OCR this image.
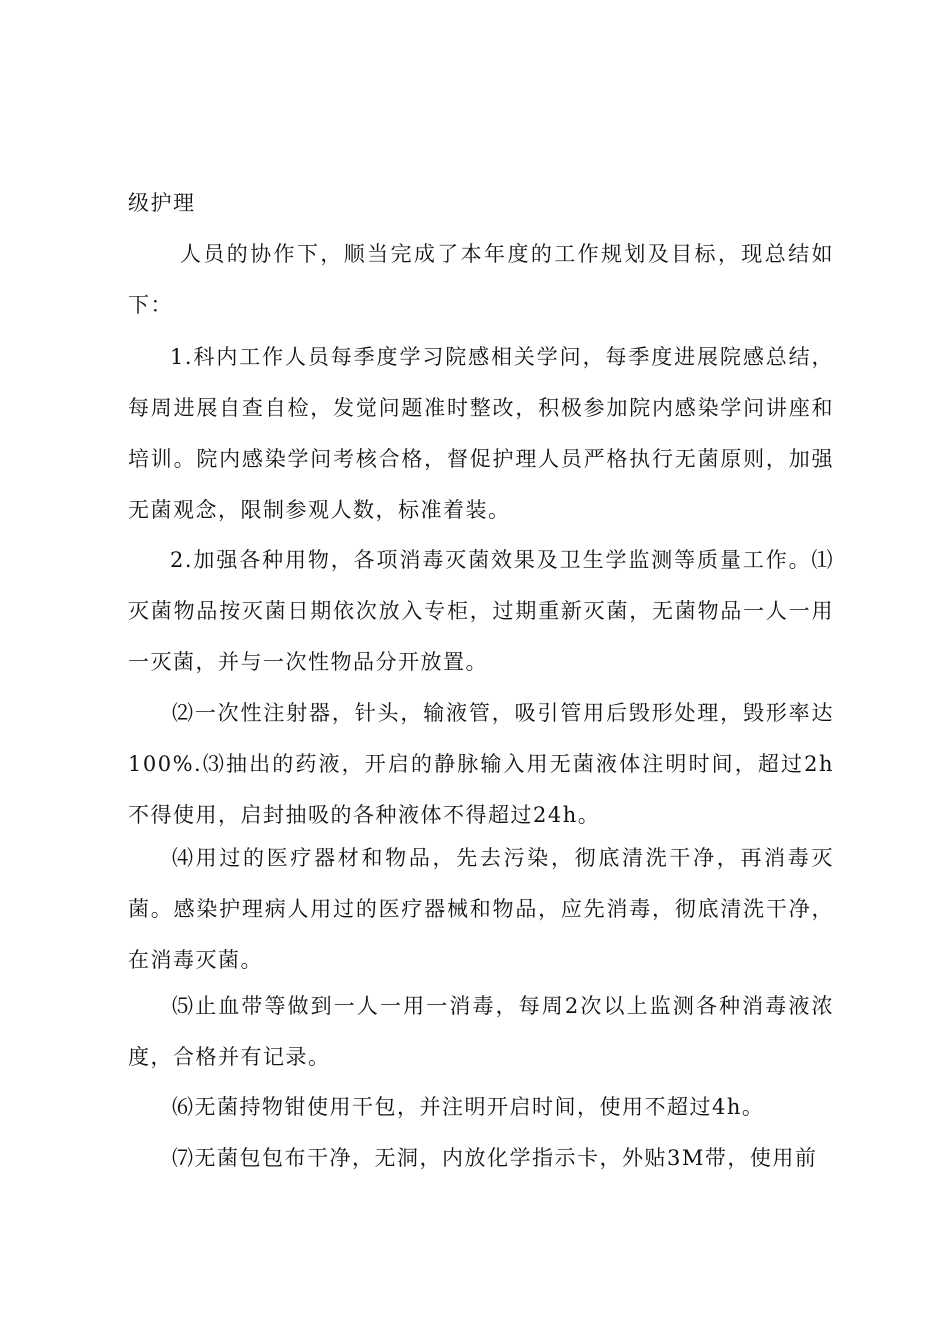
级护理

人员的协作下，顺当完成了本年度的工作规划及目标，现总结如下：

1.科内工作人员每季度学习院感相关学问，每季度进展院感总结，每周进展自查自检，发觉问题准时整改，积极参加院内感染学问讲座和培训。院内感染学问考核合格，督促护理人员严格执行无菌原则，加强无菌观念，限制参观人数，标准着装。

2.加强各种用物，各项消毒灭菌效果及卫生学监测等质量工作。⑴灭菌物品按灭菌日期依次放入专柜，过期重新灭菌，无菌物品一人一用一灭菌，并与一次性物品分开放置。

⑵一次性注射器，针头，输液管，吸引管用后毁形处理，毁形率达100%.⑶抽出的药液，开启的静脉输入用无菌液体注明时间，超过2h不得使用，启封抽吸的各种液体不得超过24h。

⑷用过的医疗器材和物品，先去污染，彻底清洗干净，再消毒灭菌。感染护理病人用过的医疗器械和物品，应先消毒，彻底清洗干净，在消毒灭菌。

⑸止血带等做到一人一用一消毒，每周2次以上监测各种消毒液浓度，合格并有记录。

⑹无菌持物钳使用干包，并注明开启时间，使用不超过4h。

⑺无菌包包布干净，无洞，内放化学指示卡，外贴3M带，使用前
